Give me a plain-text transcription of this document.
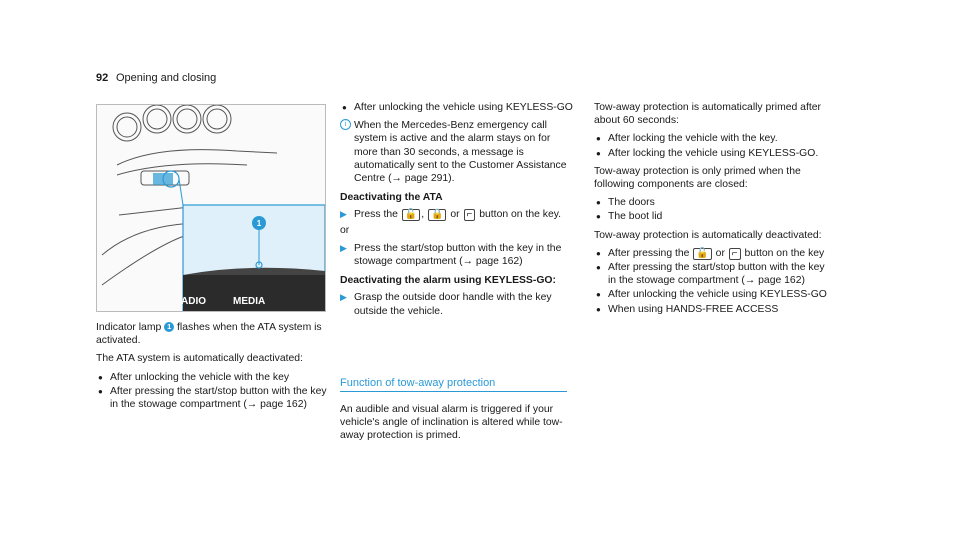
92 Opening and closing
1
ADIO	MEDIA

Indicator lamp 1 flashes when the ATA system is activated.

The ATA system is automatically deactivated:

● After unlocking the vehicle with the key
● After pressing the start/stop button with the key in the stowage compartment (→ page 162)
● After unlocking the vehicle using KEYLESS-GO
i When the Mercedes-Benz emergency call system is active and the alarm stays on for more than 30 seconds, a message is automatically sent to the Customer Assistance Centre (→ page 291).
Deactivating the ATA
▶ Press the 🔓 , 🔒 or ⌐ button on the key.

or

▶ Press the start/stop button with the key in the stowage compartment (→ page 162)
Deactivating the alarm using KEYLESS-GO:
▶ Grasp the outside door handle with the key outside the vehicle.
Function of tow-away protection

An audible and visual alarm is triggered if your vehicle's angle of inclination is altered while tow-away protection is primed.

Tow-away protection is automatically primed after about 60 seconds:

● After locking the vehicle with the key.
● After locking the vehicle using KEYLESS-GO.

Tow-away protection is only primed when the following components are closed:

● The doors
● The boot lid

Tow-away protection is automatically deactivated:

● After pressing the 🔓 or ⌐ button on the key
● After pressing the start/stop button with the key in the stowage compartment (→ page 162)
● After unlocking the vehicle using KEYLESS-GO
● When using HANDS-FREE ACCESS
